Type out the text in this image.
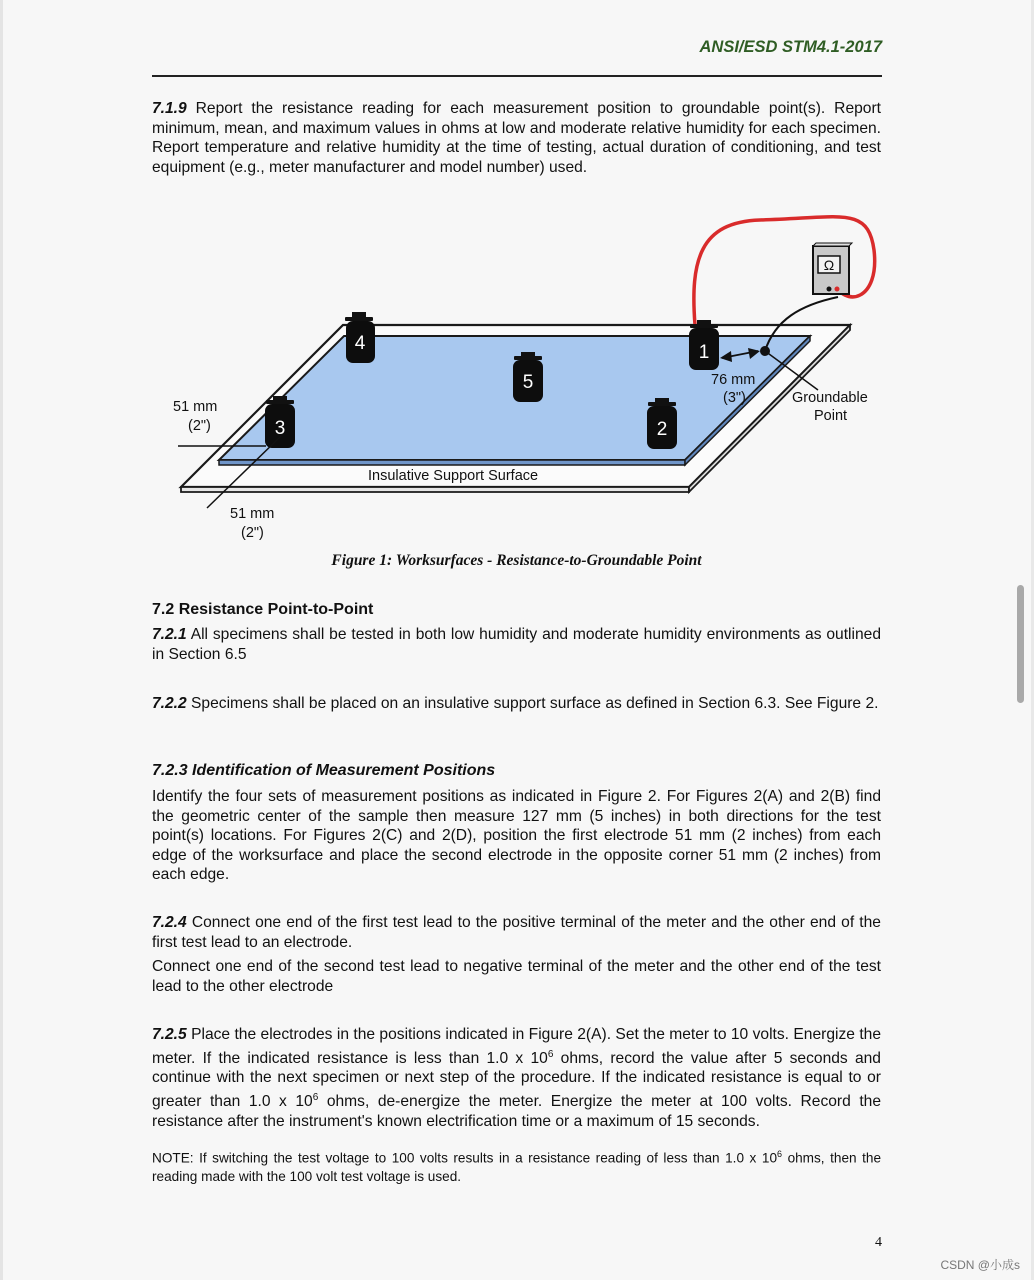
ANSI/ESD STM4.1-2017

7.1.9 Report the resistance reading for each measurement position to groundable point(s). Report minimum, mean, and maximum values in ohms at low and moderate relative humidity for each specimen. Report temperature and relative humidity at the time of testing, actual duration of conditioning, and test equipment (e.g., meter manufacturer and model number) used.

Ω
Groundable
Point
76 mm
(3")
4	1
5
2
3
51 mm
(2")
51 mm
(2")
Insulative Support Surface
Figure 1: Worksurfaces - Resistance-to-Groundable Point
7.2 Resistance Point-to-Point

7.2.1 All specimens shall be tested in both low humidity and moderate humidity environments as outlined in Section 6.5

7.2.2 Specimens shall be placed on an insulative support surface as defined in Section 6.3. See Figure 2.

7.2.3 Identification of Measurement Positions

Identify the four sets of measurement positions as indicated in Figure 2. For Figures 2(A) and 2(B) find the geometric center of the sample then measure 127 mm (5 inches) in both directions for the test point(s) locations. For Figures 2(C) and 2(D), position the first electrode 51 mm (2 inches) from each edge of the worksurface and place the second electrode in the opposite corner 51 mm (2 inches) from each edge.

7.2.4 Connect one end of the first test lead to the positive terminal of the meter and the other end of the first test lead to an electrode.

Connect one end of the second test lead to negative terminal of the meter and the other end of the test lead to the other electrode

7.2.5 Place the electrodes in the positions indicated in Figure 2(A). Set the meter to 10 volts. Energize the meter. If the indicated resistance is less than 1.0 x $10^6$ ohms, record the value after 5 seconds and continue with the next specimen or next step of the procedure. If the indicated resistance is equal to or greater than 1.0 x $10^6$ ohms, de-energize the meter. Energize the meter at 100 volts. Record the resistance after the instrument's known electrification time or a maximum of 15 seconds.

NOTE: If switching the test voltage to 100 volts results in a resistance reading of less than 1.0 x $10^6$ ohms, then the reading made with the 100 volt test voltage is used.

4
CSDN @小成s
